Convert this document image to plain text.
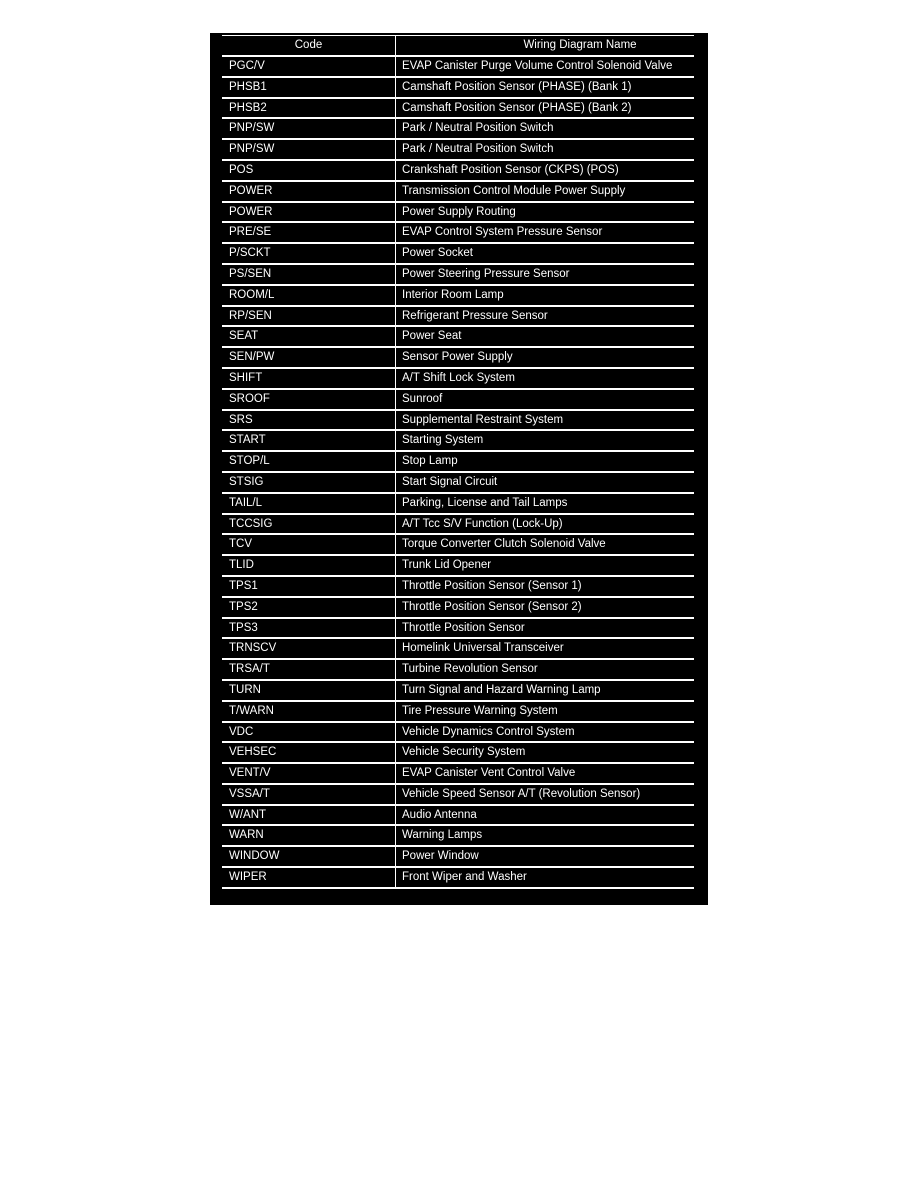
Code	Wiring Diagram Name
PGC/V	EVAP Canister Purge Volume Control Solenoid Valve
PHSB1	Camshaft Position Sensor (PHASE) (Bank 1)
PHSB2	Camshaft Position Sensor (PHASE) (Bank 2)
PNP/SW	Park / Neutral Position Switch
PNP/SW	Park / Neutral Position Switch
POS	Crankshaft Position Sensor (CKPS) (POS)
POWER	Transmission Control Module Power Supply
POWER	Power Supply Routing
PRE/SE	EVAP Control System Pressure Sensor
P/SCKT	Power Socket
PS/SEN	Power Steering Pressure Sensor
ROOM/L	Interior Room Lamp
RP/SEN	Refrigerant Pressure Sensor
SEAT	Power Seat
SEN/PW	Sensor Power Supply
SHIFT	A/T Shift Lock System
SROOF	Sunroof
SRS	Supplemental Restraint System
START	Starting System
STOP/L	Stop Lamp
STSIG	Start Signal Circuit
TAIL/L	Parking, License and Tail Lamps
TCCSIG	A/T Tcc S/V Function (Lock-Up)
TCV	Torque Converter Clutch Solenoid Valve
TLID	Trunk Lid Opener
TPS1	Throttle Position Sensor (Sensor 1)
TPS2	Throttle Position Sensor (Sensor 2)
TPS3	Throttle Position Sensor
TRNSCV	Homelink Universal Transceiver
TRSA/T	Turbine Revolution Sensor
TURN	Turn Signal and Hazard Warning Lamp
T/WARN	Tire Pressure Warning System
VDC	Vehicle Dynamics Control System
VEHSEC	Vehicle Security System
VENT/V	EVAP Canister Vent Control Valve
VSSA/T	Vehicle Speed Sensor A/T (Revolution Sensor)
W/ANT	Audio Antenna
WARN	Warning Lamps
WINDOW	Power Window
WIPER	Front Wiper and Washer
